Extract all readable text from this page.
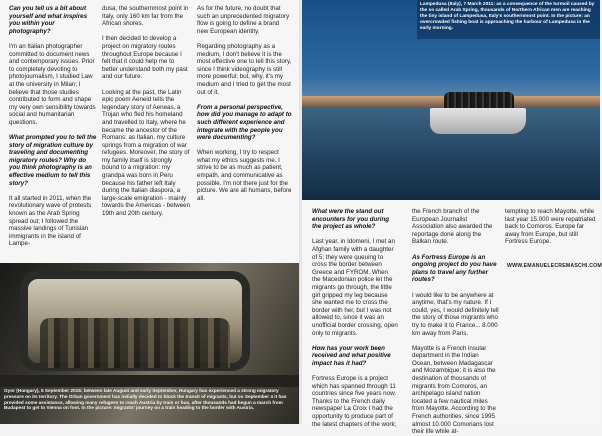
Can you tell us a bit about yourself and what inspires you within your photography?

I'm an Italian photographer committed to document news and contemporary issues. Prior to completely devoting to photojournalism, I studied Law at the university in Milan; I believe that those studies contributed to form and shape my very own sensibility towards social and humanitarian questions.

What prompted you to tell the story of migration culture by traveling and documenting migratory routes? Why do you think photography is an effective medium to tell this story?

It all started in 2011, when the revolutionary wave of protests known as the Arab Spring spread out; I followed the massive landings of Tunisian immigrants in the island of Lampe-

dusa, the southernmost point in Italy, only 160 km far from the African shores.

I then decided to develop a project on migratory routes throughout Europe because I felt that it could help me to better understand both my past and our future.

Looking at the past, the Latin epic poem Aeneid tells the legendary story of Aeneas, a Trojan who fled his homeland and travelled to Italy, where he became the ancestor of the Romans: as Italian, my culture springs from a migration of war refugees. Moreover, the story of my family itself is strongly bound to a migration: my grandpa was born in Peru because his father left Italy during the Italian diaspora, a large-scale emigration - mainly towards the Americas - between 19th and 20th century.

As for the future, no doubt that such an unprecedented migratory flow is going to define a brand new European identity.

Regarding photography as a medium, I don't believe it is the most effective one to tell this story, since I think videography is still more powerful; but, why, it's my medium and I tried to get the most out of it.

From a personal perspective, how did you manage to adapt to such different experience and integrate with the people you were documenting?

When working, I try to respect what my ethics suggests me. I strive to be as much as patient, empath, and communicative as possible. I'm not there just for the picture. We are all humans, before all.

Gyor (Hungary), 5 September 2015: between late August and early September, Hungary has experienced a strong migratory pressure on its territory. The Orban government has initially decided to block the transit of migrants, but on September 4 it has provided some assistance, allowing many refugees to reach Austria by train or bus, after thousands had begun a march from Budapest to get to Vienna on foot. In the picture: migrants' journey on a train heading to the border with Austria.
Lampedusa (Italy), 7 March 2011: as a consequence of the turmoil caused by the so called Arab Spring, thousands of Northern African men are reaching the tiny island of Lampedusa, Italy's southernmost point. In the picture: an overcrowded fishing boat is approaching the harbour of Lampedusa in the early morning.

What were the stand out encounters for you during the project as whole?

Last year, in Idomeni, I met an Afghan family with a daughter of 5; they were queuing to cross the border between Greece and FYROM. When the Macedonian police let the migrants go through, the little girl gripped my leg because she wanted me to cross the border with her, but I was not allowed to, since it was an unofficial border crossing, open only to migrants.

How has your work been received and what positive impact has it had?

Fortress Europe is a project which has spanned through 11 countries since five years now. Thanks to the French daily newspaper La Croix I had the opportunity to produce part of the latest chapters of the work;

the French branch of the European Journalist Association also awarded the reportage done along the Balkan route.

As Fortress Europe is an ongoing project do you have plans to travel any further routes?

I would like to be anywhere at anytime, that's my nature. If I could, yes, I would definitely tell the story of those migrants who try to make it to France... 8.000 km away from Paris.

Mayotte is a French insular department in the Indian Ocean, between Madagascar and Mozambique; it is also the destination of thousands of migrants from Comoros, an archipelago island nation located a few nautical miles from Mayotte. According to the French authorities, since 1995 almost 10.000 Comorians lost their life while at-

tempting to reach Mayotte, while last year 15.000 were repatriated back to Comoros. Europe far away from Europe, but still Fortress Europe.

WWW.EMANUELECREMASCHI.COM
